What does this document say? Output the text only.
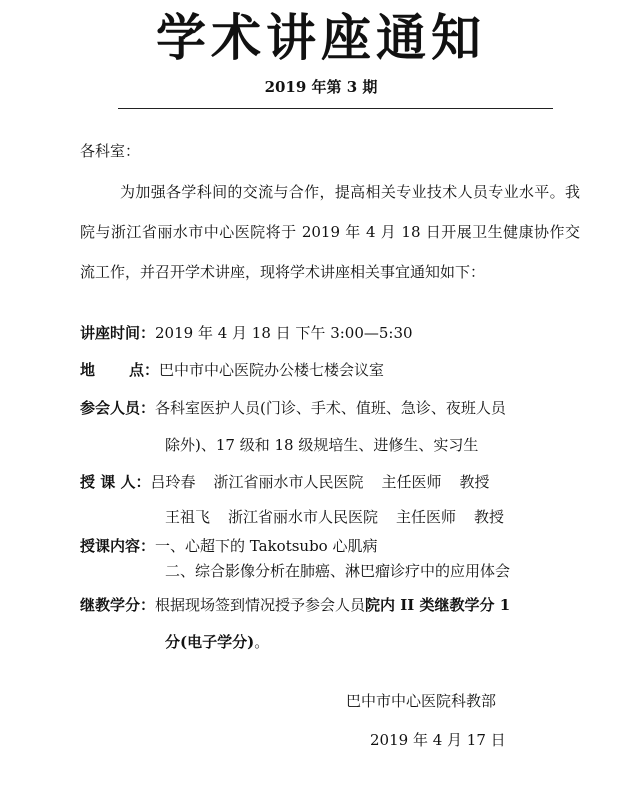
学术讲座通知
2019 年第 3 期
各科室：
为加强各学科间的交流与合作，提高相关专业技术人员专业水平。我院与浙江省丽水市中心医院将于 2019 年 4 月 18 日开展卫生健康协作交流工作，并召开学术讲座，现将学术讲座相关事宜通知如下：
讲座时间：2019 年 4 月 18 日 下午 3:00—5:30
地 点：巴中市中心医院办公楼七楼会议室
参会人员：各科室医护人员(门诊、手术、值班、急诊、夜班人员
除外)、17 级和 18 级规培生、进修生、实习生
授 课 人：吕玲春 浙江省丽水市人民医院 主任医师 教授
王祖飞 浙江省丽水市人民医院 主任医师 教授
授课内容：一、心超下的 Takotsubo 心肌病
二、综合影像分析在肺癌、淋巴瘤诊疗中的应用体会
继教学分：根据现场签到情况授予参会人员院内 II 类继教学分 1
分(电子学分)。
巴中市中心医院科教部
2019 年 4 月 17 日
